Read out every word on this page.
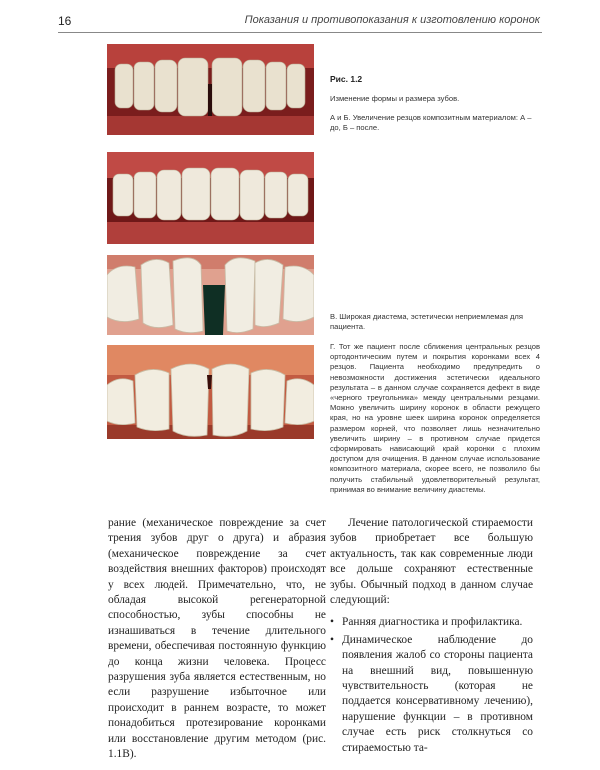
16	Показания и противопоказания к изготовлению коронок
Рис. 1.2
Изменение формы и размера зубов.
А и Б. Увеличение резцов композитным материалом: А – до, Б – после.
В. Широкая диастема, эстетически неприемлемая для пациента.
Г. Тот же пациент после сближения центральных резцов ортодонтическим путем и покрытия коронками всех 4 резцов. Пациента необходимо предупредить о невозможности достижения эстетически идеального результата – в данном случае сохраняется дефект в виде «черного треугольника» между центральными резцами. Можно увеличить ширину коронок в области режущего края, но на уровне шеек ширина коронок определяется размером корней, что позволяет лишь незначительно увеличить ширину – в противном случае придется сформировать нависающий край коронки с плохим доступом для очищения. В данном случае использование композитного материала, скорее всего, не позволило бы получить стабильный удовлетворительный результат, принимая во внимание величину диастемы.

рание (механическое повреждение за счет трения зубов друг о друга) и абразия (механическое повреждение за счет воздействия внешних факторов) происходят у всех людей. Примечательно, что, не обладая высокой регенераторной способностью, зубы способны не изнашиваться в течение длительного времени, обеспечивая постоянную функцию до конца жизни человека. Процесс разрушения зуба является естественным, но если разрушение избыточное или происходит в раннем возрасте, то может понадобиться протезирование коронками или восстановление другим методом (рис. 1.1В).

Лечение патологической стираемости зубов приобретает все большую актуальность, так как современные люди все дольше сохраняют естественные зубы. Обычный подход в данном случае следующий:

• Ранняя диагностика и профилактика.
• Динамическое наблюдение до появления жалоб со стороны пациента на внешний вид, повышенную чувствительность (которая не поддается консервативному лечению), нарушение функции – в противном случае есть риск столкнуться со стираемостью та-
